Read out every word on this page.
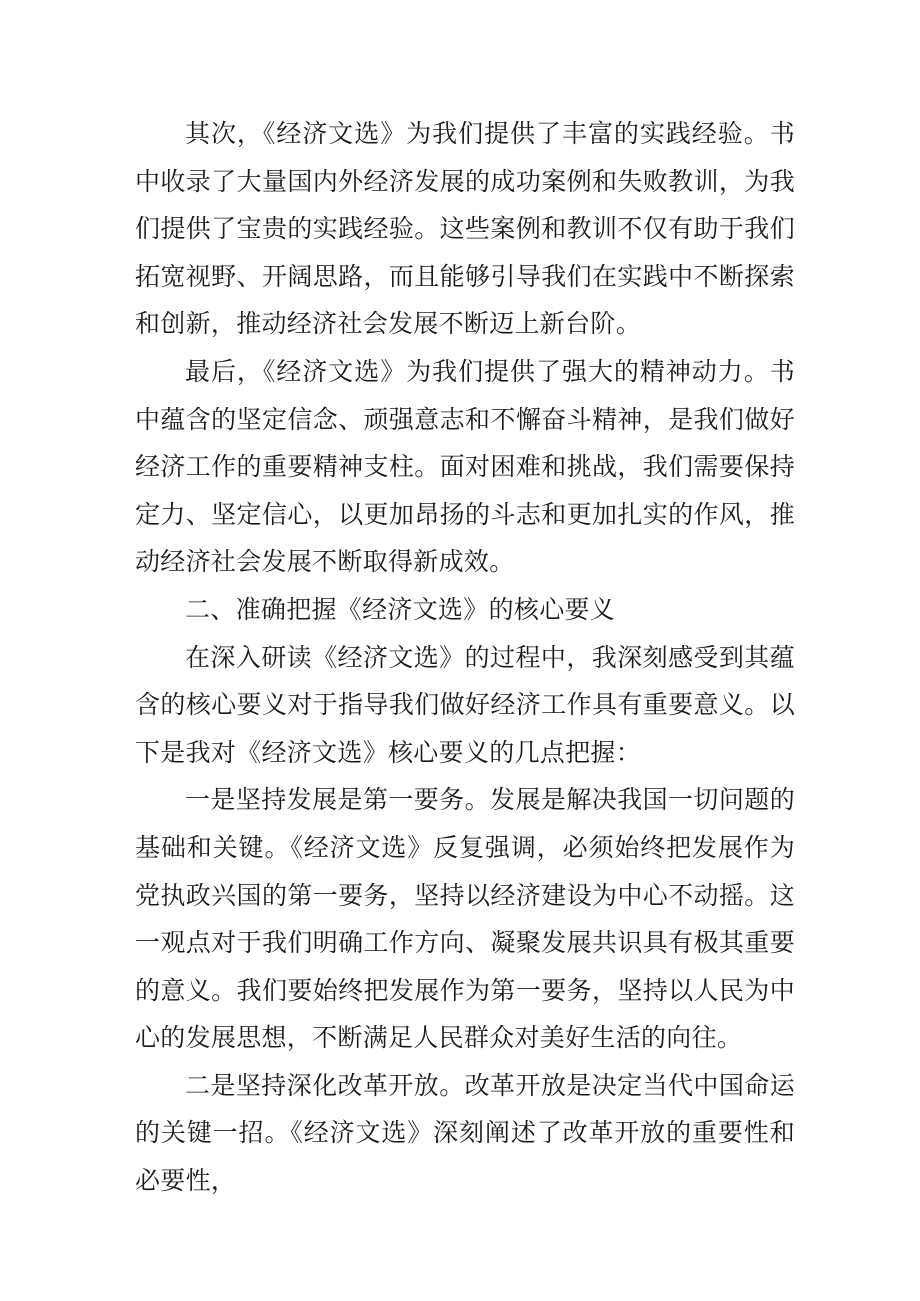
其次，《经济文选》为我们提供了丰富的实践经验。书中收录了大量国内外经济发展的成功案例和失败教训，为我们提供了宝贵的实践经验。这些案例和教训不仅有助于我们拓宽视野、开阔思路，而且能够引导我们在实践中不断探索和创新，推动经济社会发展不断迈上新台阶。

最后，《经济文选》为我们提供了强大的精神动力。书中蕴含的坚定信念、顽强意志和不懈奋斗精神，是我们做好经济工作的重要精神支柱。面对困难和挑战，我们需要保持定力、坚定信心，以更加昂扬的斗志和更加扎实的作风，推动经济社会发展不断取得新成效。

二、准确把握《经济文选》的核心要义

在深入研读《经济文选》的过程中，我深刻感受到其蕴含的核心要义对于指导我们做好经济工作具有重要意义。以下是我对《经济文选》核心要义的几点把握：

一是坚持发展是第一要务。发展是解决我国一切问题的基础和关键。《经济文选》反复强调，必须始终把发展作为党执政兴国的第一要务，坚持以经济建设为中心不动摇。这一观点对于我们明确工作方向、凝聚发展共识具有极其重要的意义。我们要始终把发展作为第一要务，坚持以人民为中心的发展思想，不断满足人民群众对美好生活的向往。

二是坚持深化改革开放。改革开放是决定当代中国命运的关键一招。《经济文选》深刻阐述了改革开放的重要性和必要性，
